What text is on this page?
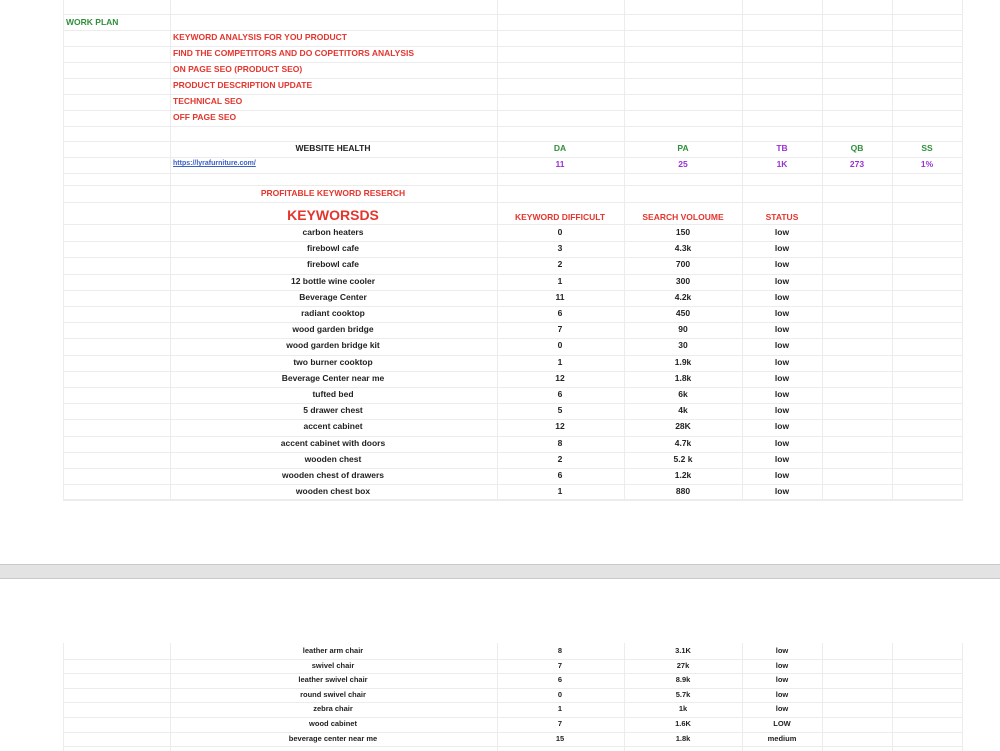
WORK PLAN
KEYWORD ANALYSIS FOR YOU PRODUCT
FIND THE COMPETITORS AND DO COPETITORS ANALYSIS
ON PAGE SEO (PRODUCT SEO)
PRODUCT DESCRIPTION UPDATE
TECHNICAL SEO
OFF PAGE SEO
WEBSITE HEALTH	DA	PA	TB	QB	SS
https://lyrafurniture.com/	11	25	1K	273	1%
PROFITABLE KEYWORD RESERCH
KEYWORSDS	KEYWORD DIFFICULT	SEARCH VOLOUME	STATUS
carbon heaters	0	150	low
firebowl cafe	3	4.3k	low
firebowl cafe	2	700	low
12 bottle wine cooler	1	300	low
Beverage Center	11	4.2k	low
radiant cooktop	6	450	low
wood garden bridge	7	90	low
wood garden bridge kit	0	30	low
two burner cooktop	1	1.9k	low
Beverage Center near me	12	1.8k	low
tufted bed	6	6k	low
5 drawer chest	5	4k	low
accent cabinet	12	28K	low
accent cabinet with doors	8	4.7k	low
wooden chest	2	5.2 k	low
wooden chest of drawers	6	1.2k	low
wooden chest box	1	880	low
leather arm chair	8	3.1K	low
swivel chair	7	27k	low
leather swivel chair	6	8.9k	low
round swivel chair	0	5.7k	low
zebra chair	1	1k	low
wood cabinet	7	1.6K	LOW
beverage center near me	15	1.8k	medium
